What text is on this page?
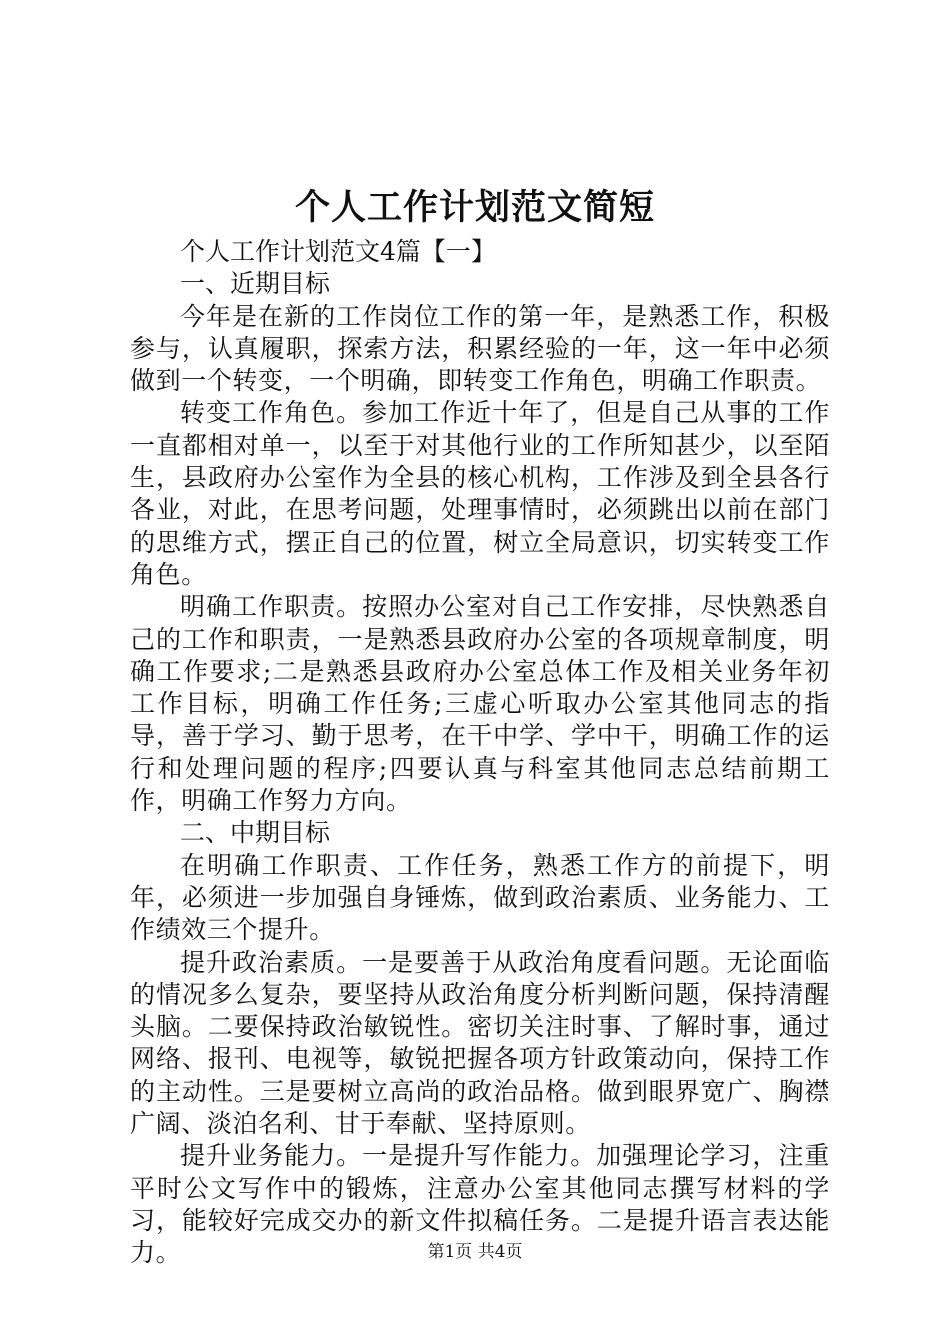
个人工作计划范文简短

个人工作计划范文4篇【一】

一、近期目标

今年是在新的工作岗位工作的第一年，是熟悉工作，积极参与，认真履职，探索方法，积累经验的一年，这一年中必须做到一个转变，一个明确，即转变工作角色，明确工作职责。

转变工作角色。参加工作近十年了，但是自己从事的工作一直都相对单一，以至于对其他行业的工作所知甚少，以至陌生，县政府办公室作为全县的核心机构，工作涉及到全县各行各业，对此，在思考问题，处理事情时，必须跳出以前在部门的思维方式，摆正自己的位置，树立全局意识，切实转变工作角色。

明确工作职责。按照办公室对自己工作安排，尽快熟悉自己的工作和职责，一是熟悉县政府办公室的各项规章制度，明确工作要求;二是熟悉县政府办公室总体工作及相关业务年初工作目标，明确工作任务;三虚心听取办公室其他同志的指导，善于学习、勤于思考，在干中学、学中干，明确工作的运行和处理问题的程序;四要认真与科室其他同志总结前期工作，明确工作努力方向。

二、中期目标

在明确工作职责、工作任务，熟悉工作方的前提下，明年，必须进一步加强自身锤炼，做到政治素质、业务能力、工作绩效三个提升。

提升政治素质。一是要善于从政治角度看问题。无论面临的情况多么复杂，要坚持从政治角度分析判断问题，保持清醒头脑。二要保持政治敏锐性。密切关注时事、了解时事，通过网络、报刊、电视等，敏锐把握各项方针政策动向，保持工作的主动性。三是要树立高尚的政治品格。做到眼界宽广、胸襟广阔、淡泊名利、甘于奉献、坚持原则。

提升业务能力。一是提升写作能力。加强理论学习，注重平时公文写作中的锻炼，注意办公室其他同志撰写材料的学习，能较好完成交办的新文件拟稿任务。二是提升语言表达能力。	第1页 共4页
